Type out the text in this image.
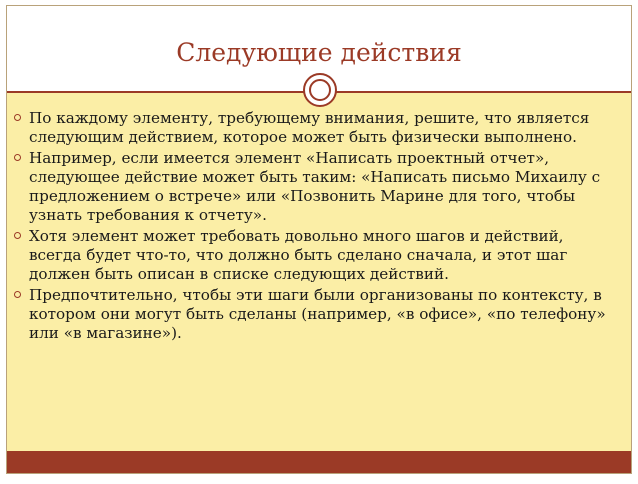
Следующие действия
По каждому элементу, требующему внимания, решите, что является следующим действием, которое может быть физически выполнено.
Например, если имеется элемент «Написать проектный отчет», следующее действие может быть таким: «Написать письмо Михаилу с предложением о встрече» или «Позвонить Марине для того, чтобы узнать требования к отчету».
Хотя элемент может требовать довольно много шагов и действий, всегда будет что-то, что должно быть сделано сначала, и этот шаг должен быть описан в списке следующих действий.
Предпочтительно, чтобы эти шаги были организованы по контексту, в котором они могут быть сделаны (например, «в офисе», «по телефону» или «в магазине»).
